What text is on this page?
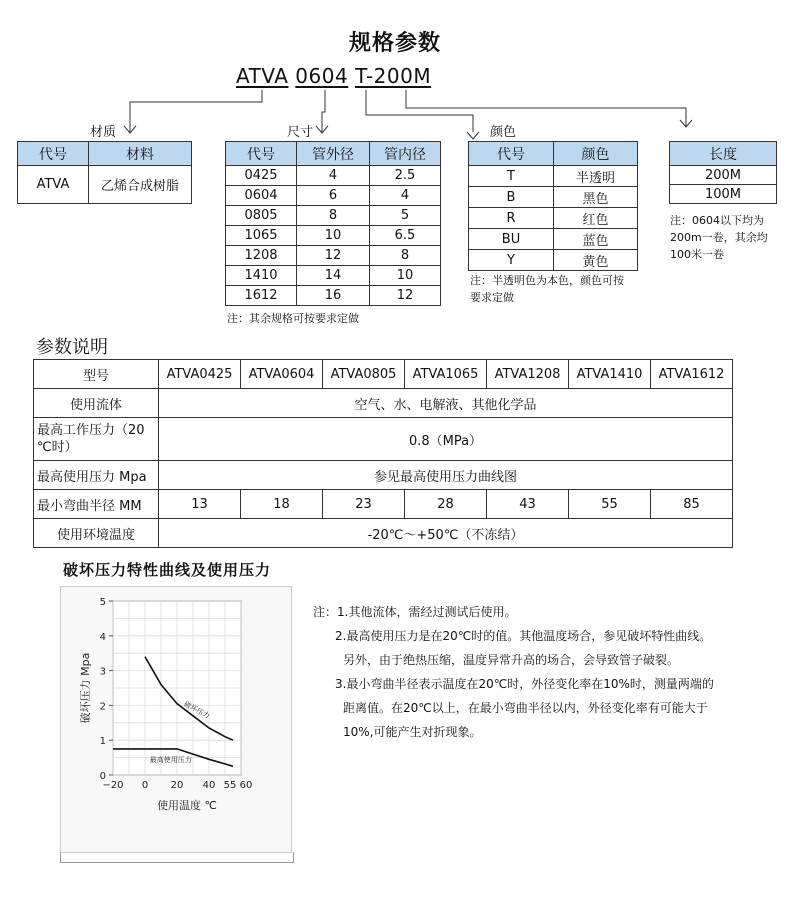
规格参数
ATVA 0604 T-200M
材质	尺寸	颜色
代号	材料
ATVA	乙烯合成树脂
代号	管外径	管内径
0425	4	2.5
0604	6	4
0805	8	5
1065	10	6.5
1208	12	8
1410	14	10
1612	16	12
注：其余规格可按要求定做
代号	颜色
T	半透明
B	黑色
R	红色
BU	蓝色
Y	黄色
注：半透明色为本色，颜色可按
要求定做
长度
200M
100M
注：0604以下均为
200m一卷，其余均
100米一卷
参数说明
型号	ATVA0425	ATVA0604	ATVA0805	ATVA1065	ATVA1208	ATVA1410	ATVA1612
使用流体	空气、水、电解液、其他化学品						

最高工作压力（20
℃时）	0.8（MPa）						
最高使用压力 Mpa	参见最高使用压力曲线图						
最小弯曲半径 MM	13	18	23	28	43	55	85
使用环境温度	-20℃～+50℃（不冻结）						
破坏压力特性曲线及使用压力
0
1
2
3
4
5
−20 0 20 40 55 60
使用温度 ℃
破坏压力 Mpa	破坏压力
最高使用压力
注：1.其他流体，需经过测试后使用。
2.最高使用压力是在20℃时的值。其他温度场合，参见破坏特性曲线。
另外，由于绝热压缩，温度异常升高的场合，会导致管子破裂。
3.最小弯曲半径表示温度在20℃时，外径变化率在10%时，测量两端的
距离值。在20℃以上，在最小弯曲半径以内，外径变化率有可能大于
10%,可能产生对折现象。
